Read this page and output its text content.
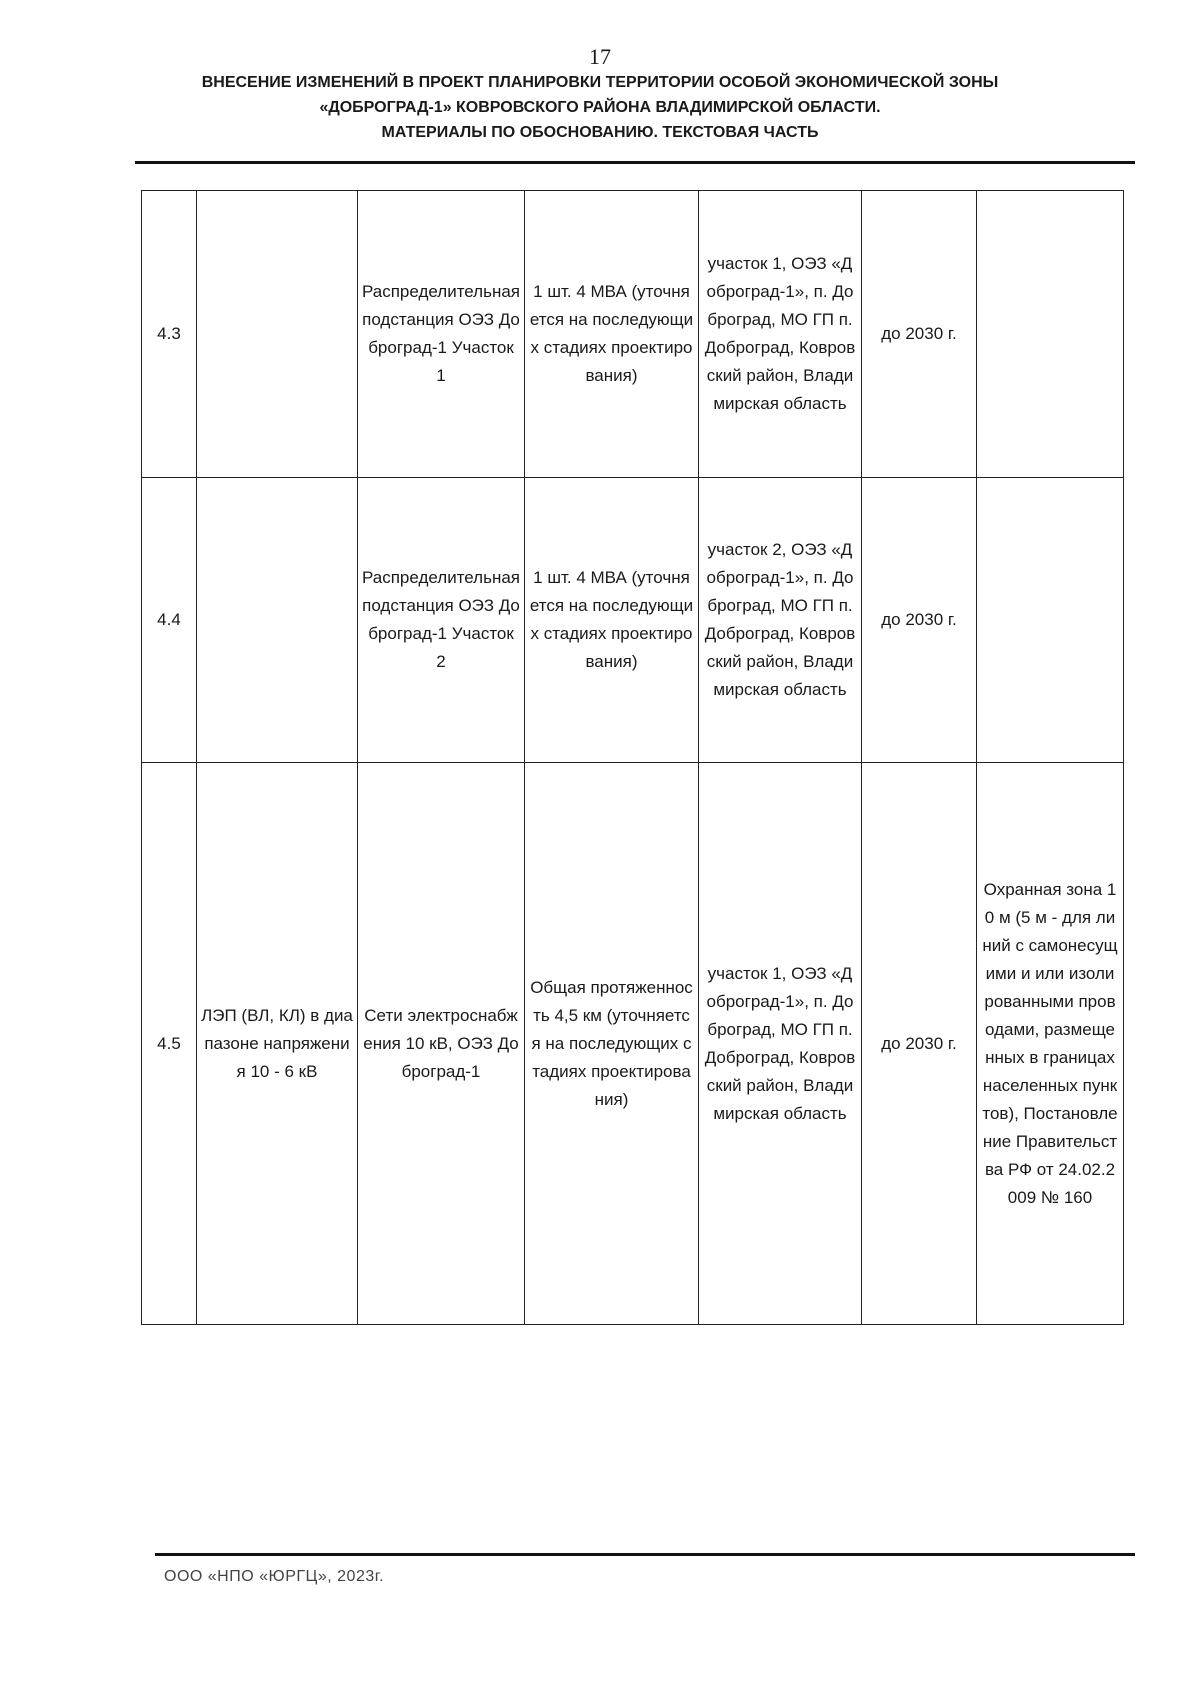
17
ВНЕСЕНИЕ ИЗМЕНЕНИЙ В ПРОЕКТ ПЛАНИРОВКИ ТЕРРИТОРИИ ОСОБОЙ ЭКОНОМИЧЕСКОЙ ЗОНЫ
«ДОБРОГРАД-1» КОВРОВСКОГО РАЙОНА ВЛАДИМИРСКОЙ ОБЛАСТИ.
МАТЕРИАЛЫ ПО ОБОСНОВАНИЮ. ТЕКСТОВАЯ ЧАСТЬ
4.3		Распределительная подстанция ОЭЗ Доброград-1 Участок 1	1 шт. 4 МВА (уточняется на последующих стадиях проектирования)	участок 1, ОЭЗ «Доброград-1», п. Доброград, МО ГП п. Доброград, Ковровский район, Владимирская область	до 2030 г.	
4.4		Распределительная подстанция ОЭЗ Доброград-1 Участок 2	1 шт. 4 МВА (уточняется на последующих стадиях проектирования)	участок 2, ОЭЗ «Доброград-1», п. Доброград, МО ГП п. Доброград, Ковровский район, Владимирская область	до 2030 г.	
4.5	ЛЭП (ВЛ, КЛ) в диапазоне напряжения 10 - 6 кВ	Сети электроснабжения 10 кВ, ОЭЗ Доброград-1	Общая протяженность 4,5 км (уточняется на последующих стадиях проектирования)	участок 1, ОЭЗ «Доброград-1», п. Доброград, МО ГП п. Доброград, Ковровский район, Владимирская область	до 2030 г.	Охранная зона 10 м (5 м - для линий с самонесущими и или изолированными проводами, размещенных в границах населенных пунктов), Постановление Правительства РФ от 24.02.2009 № 160
ООО «НПО «ЮРГЦ», 2023г.
